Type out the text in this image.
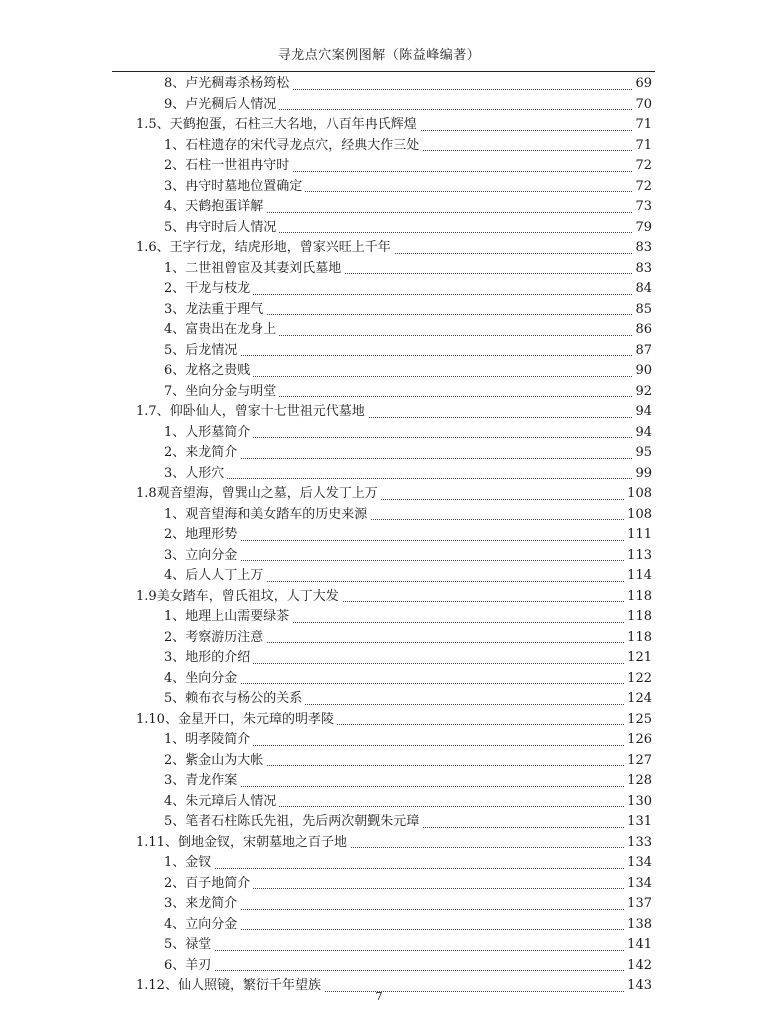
寻龙点穴案例图解（陈益峰编著）
8、卢光稠毒杀杨筠松	69
9、卢光稠后人情况	70
1.5、天鹤抱蛋，石柱三大名地，八百年冉氏辉煌	71
1、石柱遗存的宋代寻龙点穴，经典大作三处	71
2、石柱一世祖冉守时	72
3、冉守时墓地位置确定	72
4、天鹤抱蛋详解	73
5、冉守时后人情况	79
1.6、王字行龙，结虎形地，曾家兴旺上千年	83
1、二世祖曾宦及其妻刘氏墓地	83
2、干龙与枝龙	84
3、龙法重于理气	85
4、富贵出在龙身上	86
5、后龙情况	87
6、龙格之贵贱	90
7、坐向分金与明堂	92
1.7、仰卧仙人，曾家十七世祖元代墓地	94
1、人形墓简介	94
2、来龙简介	95
3、人形穴	99
1.8观音望海，曾巽山之墓，后人发丁上万	108
1、观音望海和美女踏车的历史来源	108
2、地理形势	111
3、立向分金	113
4、后人人丁上万	114
1.9美女踏车，曾氏祖坟，人丁大发	118
1、地理上山需要绿茶	118
2、考察游历注意	118
3、地形的介绍	121
4、坐向分金	122
5、赖布衣与杨公的关系	124
1.10、金星开口，朱元璋的明孝陵	125
1、明孝陵简介	126
2、紫金山为大帐	127
3、青龙作案	128
4、朱元璋后人情况	130
5、笔者石柱陈氏先祖，先后两次朝觐朱元璋	131
1.11、倒地金钗，宋朝墓地之百子地	133
1、金钗	134
2、百子地简介	134
3、来龙简介	137
4、立向分金	138
5、禄堂	141
6、羊刃	142
1.12、仙人照镜，繁衍千年望族	143
7
